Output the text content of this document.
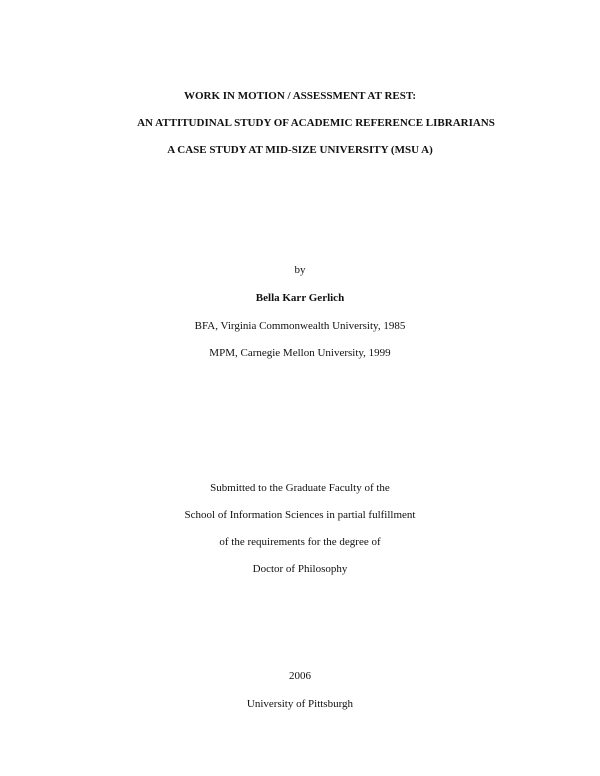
WORK IN MOTION / ASSESSMENT AT REST:
AN ATTITUDINAL STUDY OF ACADEMIC REFERENCE LIBRARIANS
A CASE STUDY AT MID-SIZE UNIVERSITY (MSU A)
by
Bella Karr Gerlich
BFA, Virginia Commonwealth University, 1985
MPM, Carnegie Mellon University, 1999
Submitted to the Graduate Faculty of the
School of Information Sciences in partial fulfillment
of the requirements for the degree of
Doctor of Philosophy
2006
University of Pittsburgh
